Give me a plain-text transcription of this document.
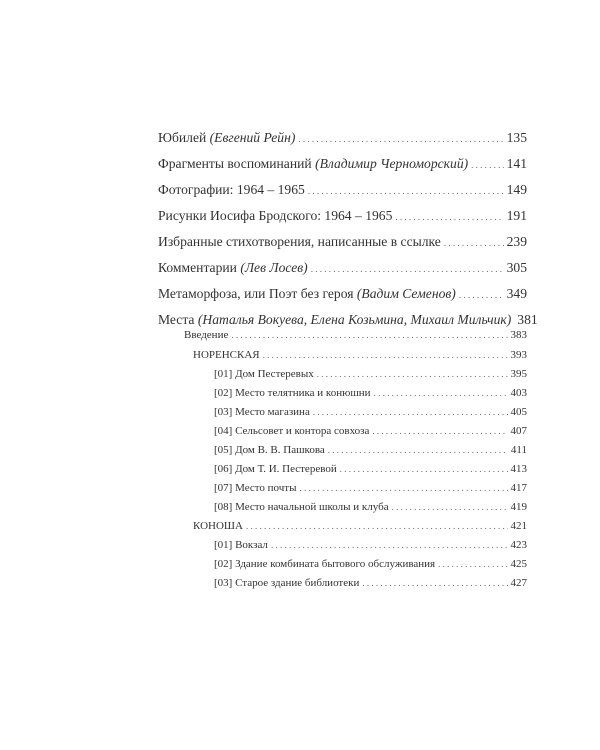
Юбилей (Евгений Рейн) . . .	135
Фрагменты воспоминаний (Владимир Черноморский) . . .	141
Фотографии: 1964 – 1965 . . .	149
Рисунки Иосифа Бродского: 1964 – 1965 . . .	191
Избранные стихотворения, написанные в ссылке . . .	239
Комментарии (Лев Лосев) . . .	305
Метаморфоза, или Поэт без героя (Вадим Семенов) . . .	349
Места (Наталья Вокуева, Елена Козьмина, Михаил Мильчик) 381
Введение . . .	383
НОРЕНСКАЯ . . .	393
[01] Дом Пестеревых . . .	395
[02] Место телятника и конюшни . . .	403
[03] Место магазина . . .	405
[04] Сельсовет и контора совхоза . . .	407
[05] Дом В. В. Пашкова . . .	411
[06] Дом Т. И. Пестеревой . . .	413
[07] Место почты . . .	417
[08] Место начальной школы и клуба . . .	419
КОНОША . . .	421
[01] Вокзал . . .	423
[02] Здание комбината бытового обслуживания . . .	425
[03] Старое здание библиотеки . . .	427
